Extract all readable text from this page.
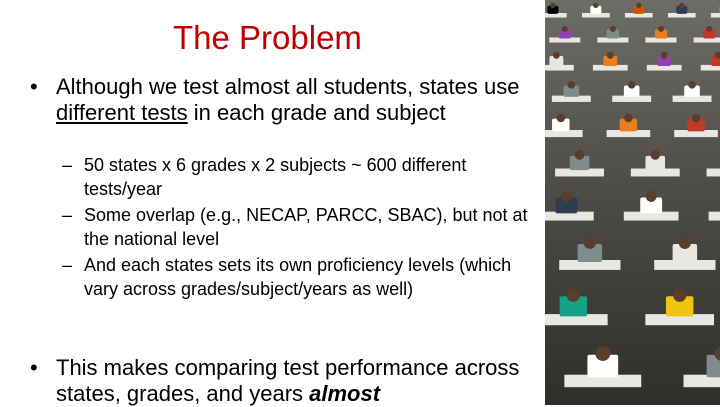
The Problem
• Although we test almost all students, states use different tests in each grade and subject
– 50 states x 6 grades x 2 subjects ~ 600 different tests/year
– Some overlap (e.g., NECAP, PARCC, SBAC), but not at the national level
– And each states sets its own proficiency levels (which vary across grades/subject/years as well)
• This makes comparing test performance across states, grades, and years almost
